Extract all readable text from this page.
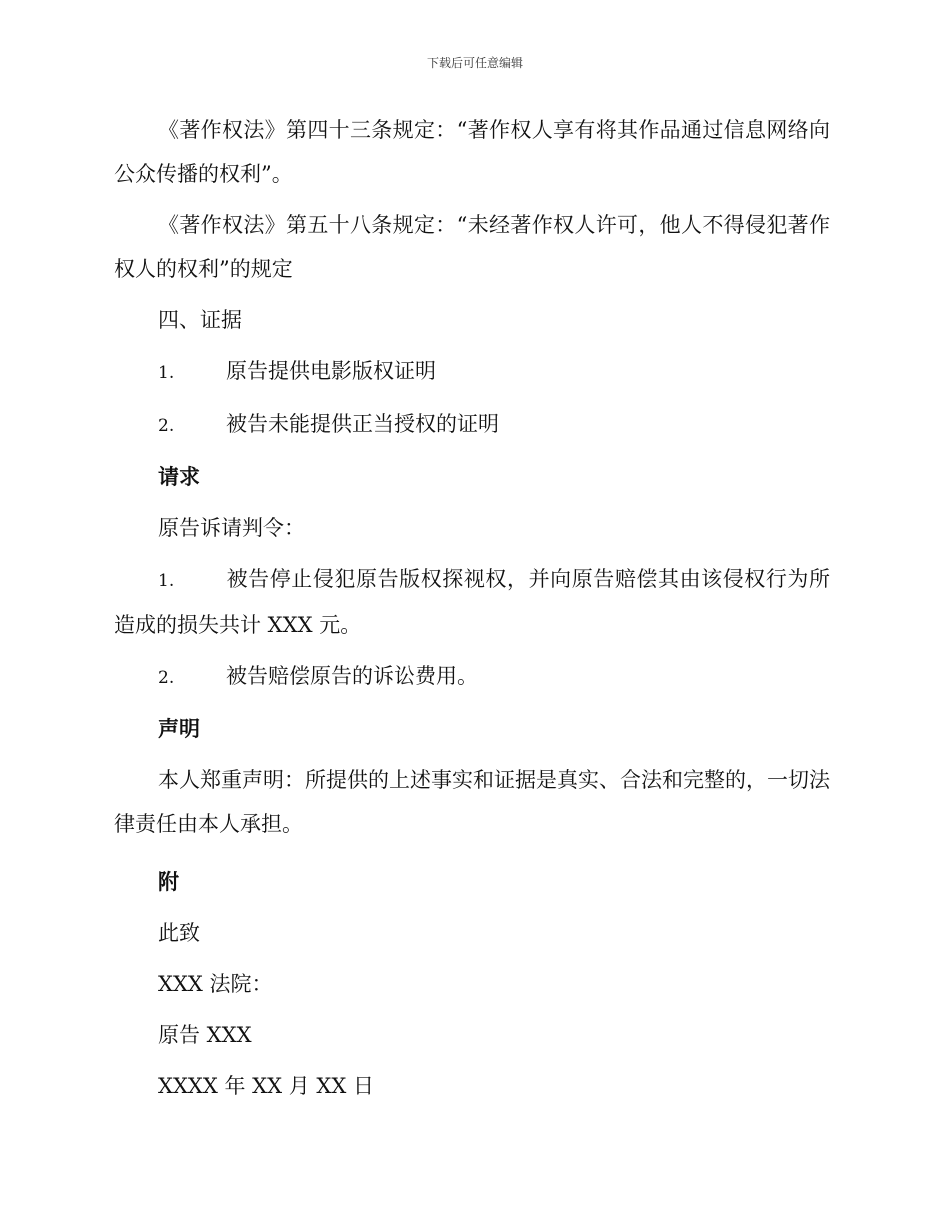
下载后可任意编辑

《著作权法》第四十三条规定：“著作权人享有将其作品通过信息网络向公众传播的权利”。

《著作权法》第五十八条规定：“未经著作权人许可，他人不得侵犯著作权人的权利”的规定

四、证据

1. 原告提供电影版权证明

2. 被告未能提供正当授权的证明

请求

原告诉请判令：

1. 被告停止侵犯原告版权探视权，并向原告赔偿其由该侵权行为所造成的损失共计 XXX 元。

2. 被告赔偿原告的诉讼费用。

声明

本人郑重声明：所提供的上述事实和证据是真实、合法和完整的，一切法律责任由本人承担。

附

此致

XXX 法院：

原告 XXX

XXXX 年 XX 月 XX 日
